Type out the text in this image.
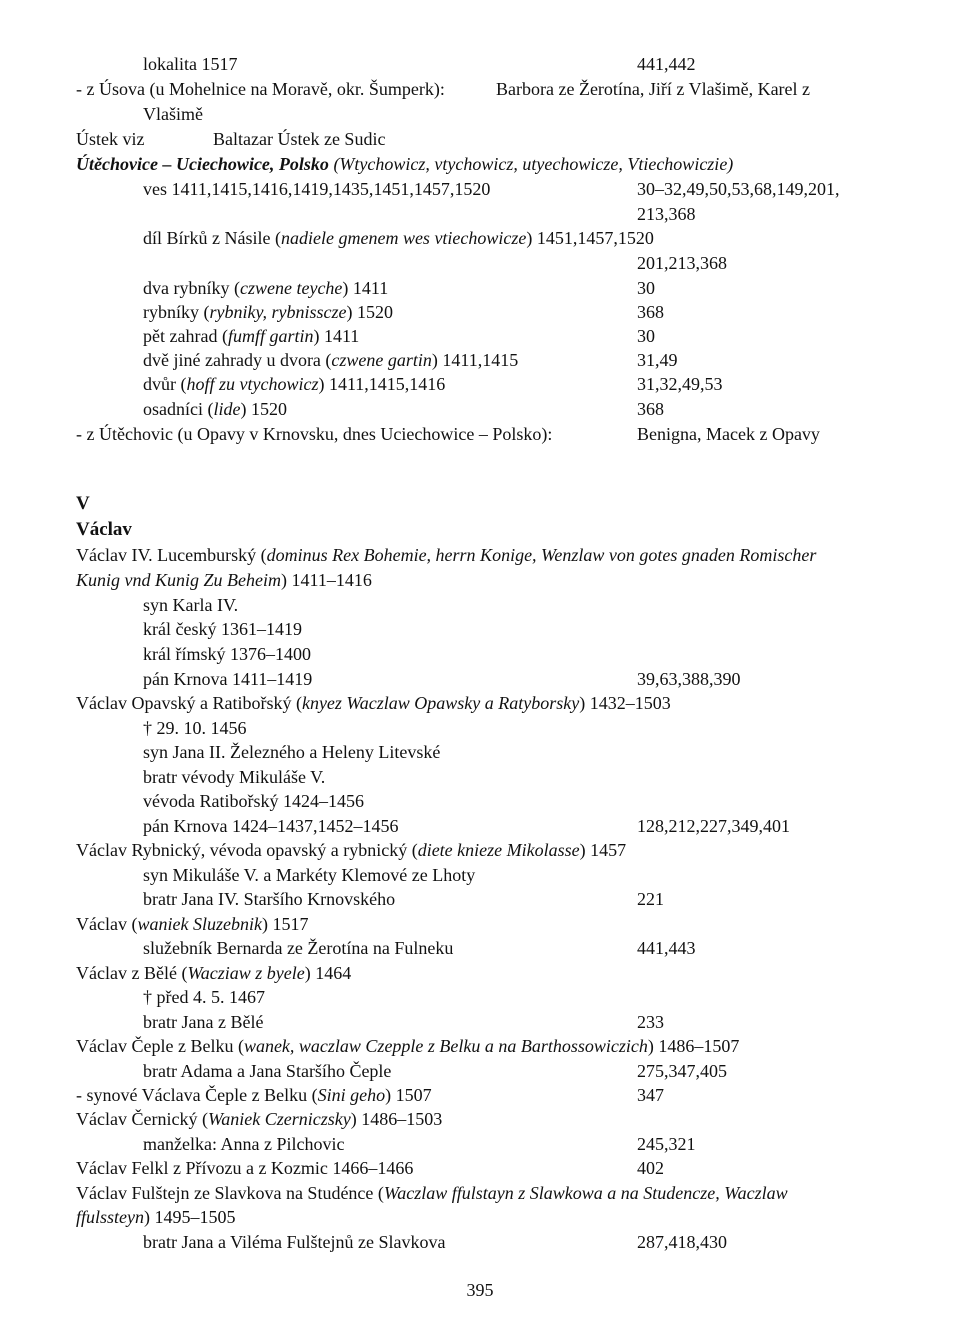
lokalita 1517	441,442
- z Úsova (u Mohelnice na Moravě, okr. Šumperk):	Barbora ze Žerotína, Jiří z Vlašimě, Karel z
Vlašimě
Ústek viz	Baltazar Ústek ze Sudic
Útěchovice – Uciechowice, Polsko (Wtychowicz, vtychowicz, utyechowicze, Vtiechowiczie)
ves 1411,1415,1416,1419,1435,1451,1457,1520	30–32,49,50,53,68,149,201,
213,368
díl Bírků z Násile (nadiele gmenem wes vtiechowicze) 1451,1457,1520
201,213,368
dva rybníky (czwene teyche) 1411	30
rybníky (rybniky, rybnisscze) 1520	368
pět zahrad (fumff gartin) 1411	30
dvě jiné zahrady u dvora (czwene gartin) 1411,1415	31,49
dvůr (hoff zu vtychowicz) 1411,1415,1416	31,32,49,53
osadníci (lide) 1520	368
- z Útěchovic (u Opavy v Krnovsku, dnes Uciechowice – Polsko):	Benigna, Macek z Opavy
V
Václav
Václav IV. Lucemburský (dominus Rex Bohemie, herrn Konige, Wenzlaw von gotes gnaden Romischer
Kunig vnd Kunig Zu Beheim) 1411–1416
syn Karla IV.
král český 1361–1419
král římský 1376–1400
pán Krnova 1411–1419	39,63,388,390
Václav Opavský a Ratibořský (knyez Waczlaw Opawsky a Ratyborsky) 1432–1503
† 29. 10. 1456
syn Jana II. Železného a Heleny Litevské
bratr vévody Mikuláše V.
vévoda Ratibořský 1424–1456
pán Krnova 1424–1437,1452–1456	128,212,227,349,401
Václav Rybnický, vévoda opavský a rybnický (diete knieze Mikolasse) 1457
syn Mikuláše V. a Markéty Klemové ze Lhoty
bratr Jana IV. Staršího Krnovského	221
Václav (waniek Sluzebnik) 1517
služebník Bernarda ze Žerotína na Fulneku	441,443
Václav z Bělé (Wacziaw z byele) 1464
† před 4. 5. 1467
bratr Jana z Bělé	233
Václav Čeple z Belku (wanek, waczlaw Czepple z Belku a na Barthossowiczich) 1486–1507
bratr Adama a Jana Staršího Čeple	275,347,405
- synové Václava Čeple z Belku (Sini geho) 1507	347
Václav Černický (Waniek Czerniczsky) 1486–1503
manželka: Anna z Pilchovic	245,321
Václav Felkl z Přívozu a z Kozmic 1466–1466	402
Václav Fulštejn ze Slavkova na Studénce (Waczlaw ffulstayn z Slawkowa a na Studencze, Waczlaw
ffulssteyn) 1495–1505
bratr Jana a Viléma Fulštejnů ze Slavkova	287,418,430
395
